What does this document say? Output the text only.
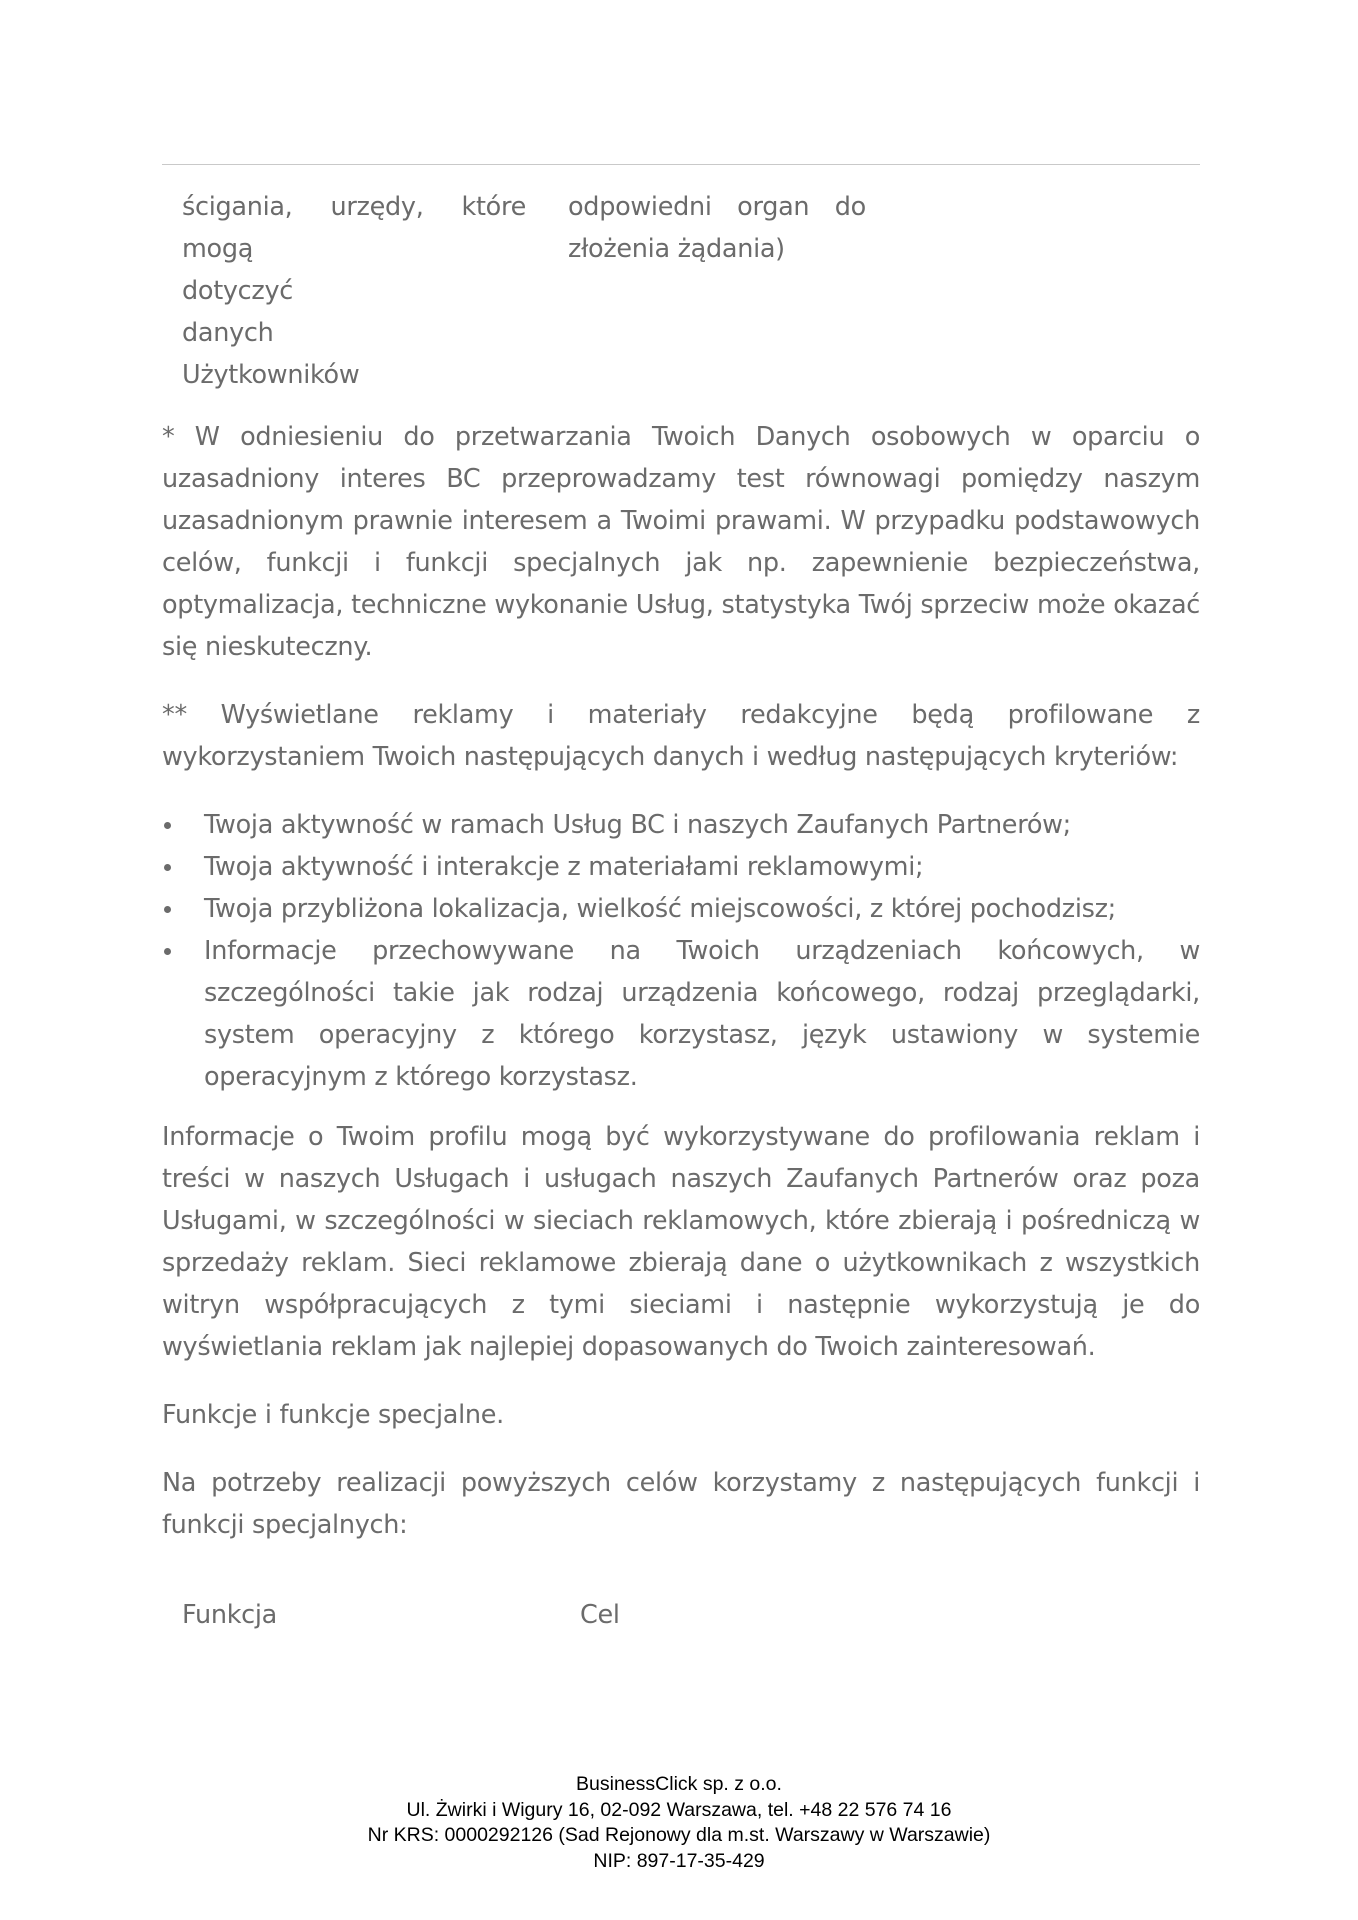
ścigania, urzędy, które mogą
dotyczyć
danych
Użytkowników
odpowiedni organ do
złożenia żądania)

* W odniesieniu do przetwarzania Twoich Danych osobowych w oparciu o uzasadniony interes BC przeprowadzamy test równowagi pomiędzy naszym uzasadnionym prawnie interesem a Twoimi prawami. W przypadku podstawowych celów, funkcji i funkcji specjalnych jak np. zapewnienie bezpieczeństwa, optymalizacja, techniczne wykonanie Usług, statystyka Twój sprzeciw może okazać się nieskuteczny.

** Wyświetlane reklamy i materiały redakcyjne będą profilowane z wykorzystaniem Twoich następujących danych i według następujących kryteriów:

Twoja aktywność w ramach Usług BC i naszych Zaufanych Partnerów;
Twoja aktywność i interakcje z materiałami reklamowymi;
Twoja przybliżona lokalizacja, wielkość miejscowości, z której pochodzisz;
Informacje przechowywane na Twoich urządzeniach końcowych, w szczególności takie jak rodzaj urządzenia końcowego, rodzaj przeglądarki, system operacyjny z którego korzystasz, język ustawiony w systemie operacyjnym z którego korzystasz.

Informacje o Twoim profilu mogą być wykorzystywane do profilowania reklam i treści w naszych Usługach i usługach naszych Zaufanych Partnerów oraz poza Usługami, w szczególności w sieciach reklamowych, które zbierają i pośredniczą w sprzedaży reklam. Sieci reklamowe zbierają dane o użytkownikach z wszystkich witryn współpracujących z tymi sieciami i następnie wykorzystują je do wyświetlania reklam jak najlepiej dopasowanych do Twoich zainteresowań.

Funkcje i funkcje specjalne.

Na potrzeby realizacji powyższych celów korzystamy z następujących funkcji i funkcji specjalnych:

Funkcja	Cel
BusinessClick sp. z o.o.
Ul. Żwirki i Wigury 16, 02-092 Warszawa, tel. +48 22 576 74 16
Nr KRS: 0000292126 (Sad Rejonowy dla m.st. Warszawy w Warszawie)
NIP: 897-17-35-429
